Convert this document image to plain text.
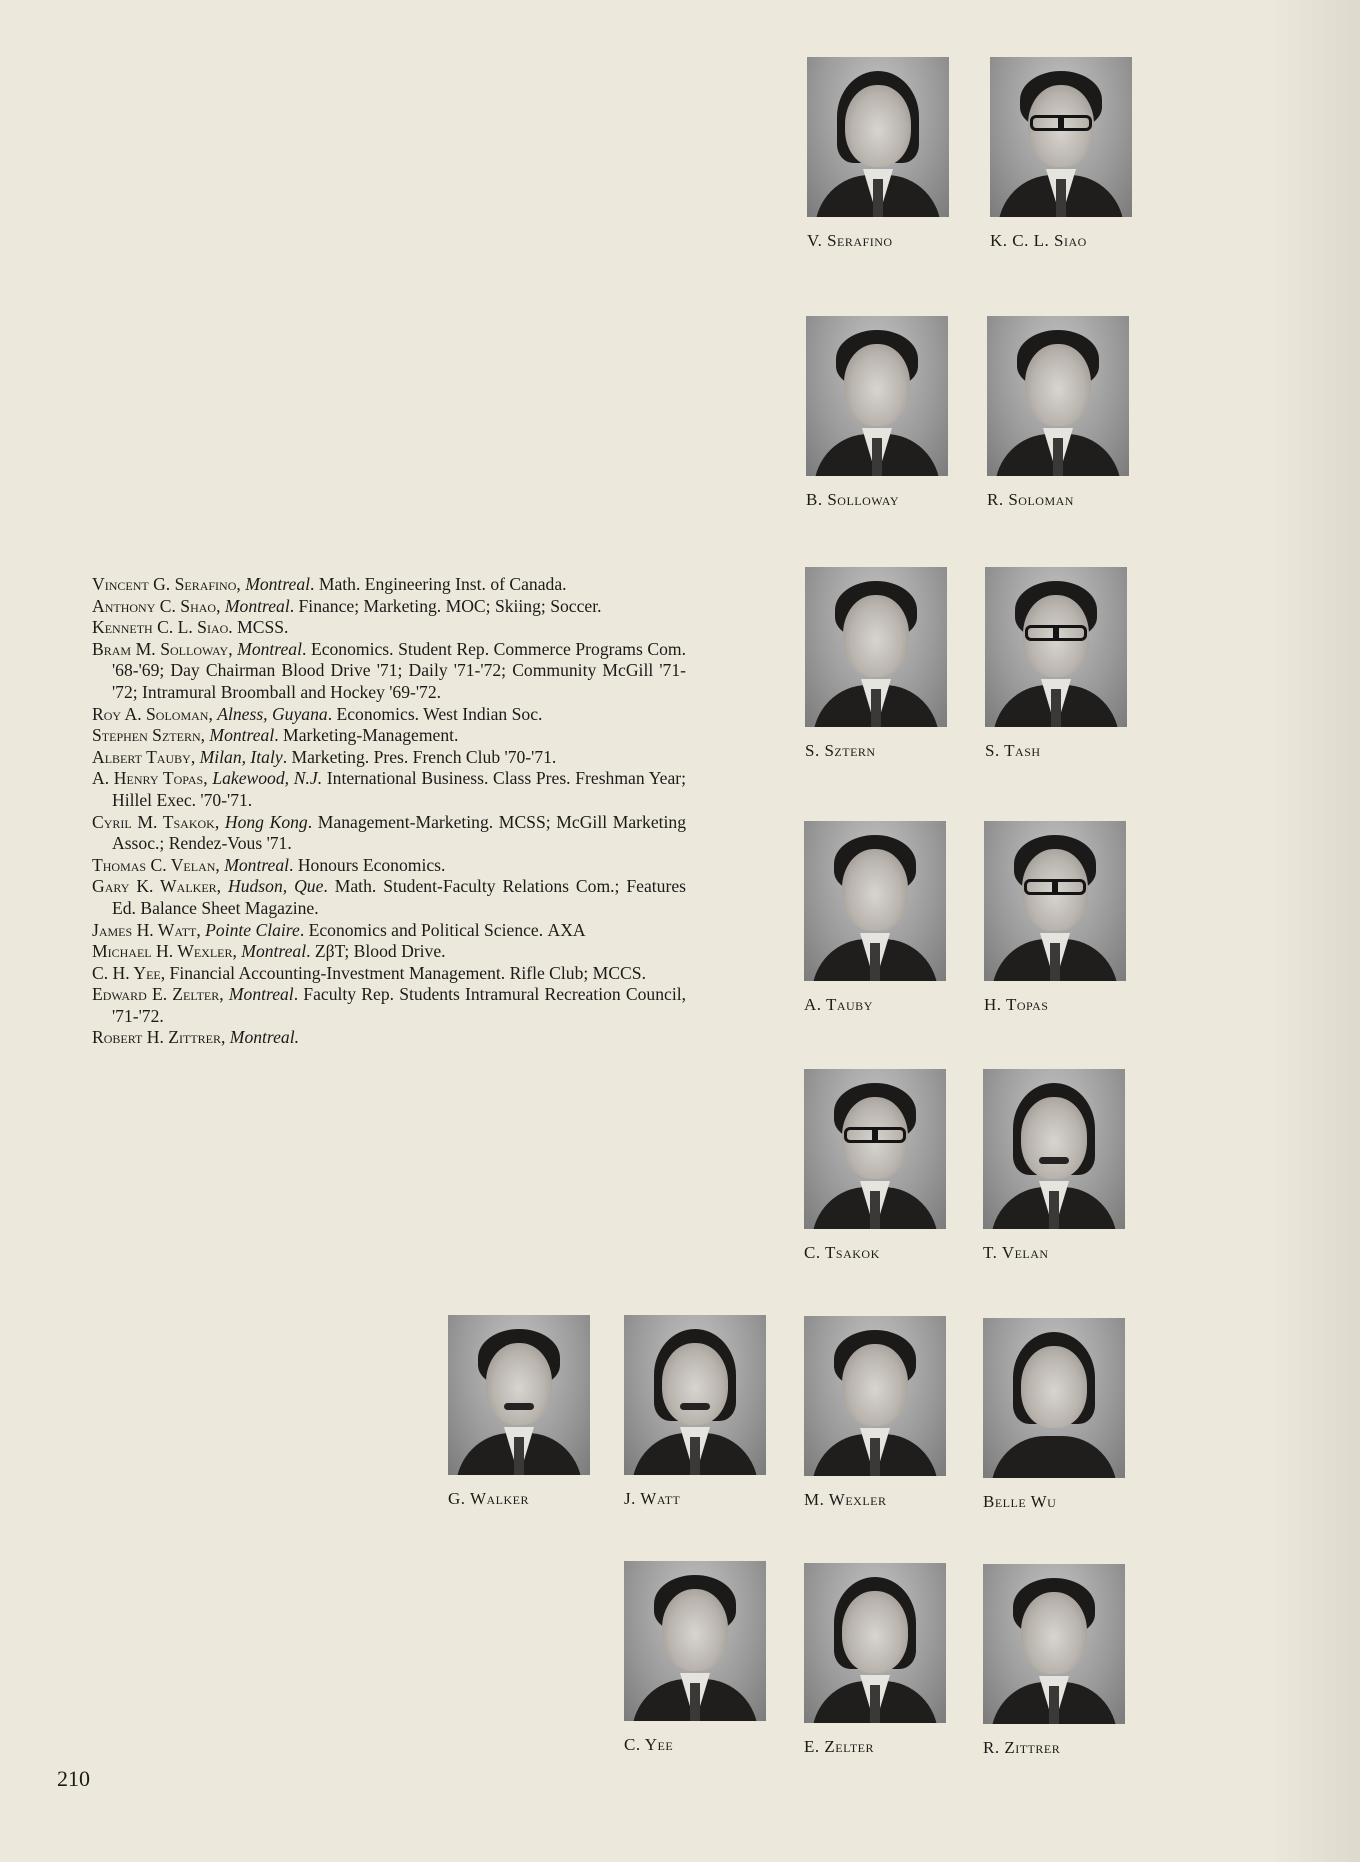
Vincent G. Serafino, Montreal. Math. Engineering Inst. of Canada.
Anthony C. Shao, Montreal. Finance; Marketing. MOC; Skiing; Soccer.
Kenneth C. L. Siao. MCSS.
Bram M. Solloway, Montreal. Economics. Student Rep. Commerce Programs Com. '68-'69; Day Chairman Blood Drive '71; Daily '71-'72; Community McGill '71-'72; Intramural Broomball and Hockey '69-'72.
Roy A. Soloman, Alness, Guyana. Economics. West Indian Soc.
Stephen Sztern, Montreal. Marketing-Management.
Albert Tauby, Milan, Italy. Marketing. Pres. French Club '70-'71.
A. Henry Topas, Lakewood, N.J. International Business. Class Pres. Freshman Year; Hillel Exec. '70-'71.
Cyril M. Tsakok, Hong Kong. Management-Marketing. MCSS; McGill Marketing Assoc.; Rendez-Vous '71.
Thomas C. Velan, Montreal. Honours Economics.
Gary K. Walker, Hudson, Que. Math. Student-Faculty Relations Com.; Features Ed. Balance Sheet Magazine.
James H. Watt, Pointe Claire. Economics and Political Science. ΑΧΑ
Michael H. Wexler, Montreal. ZβT; Blood Drive.
C. H. Yee, Financial Accounting-Investment Management. Rifle Club; MCCS.
Edward E. Zelter, Montreal. Faculty Rep. Students Intramural Recreation Council, '71-'72.
Robert H. Zittrer, Montreal.
V. Serafino	K. C. L. Siao
B. Solloway	R. Soloman
S. Sztern	S. Tash
A. Tauby	H. Topas
C. Tsakok	T. Velan
G. Walker	J. Watt	M. Wexler	Belle Wu
C. Yee	E. Zelter	R. Zittrer
210
